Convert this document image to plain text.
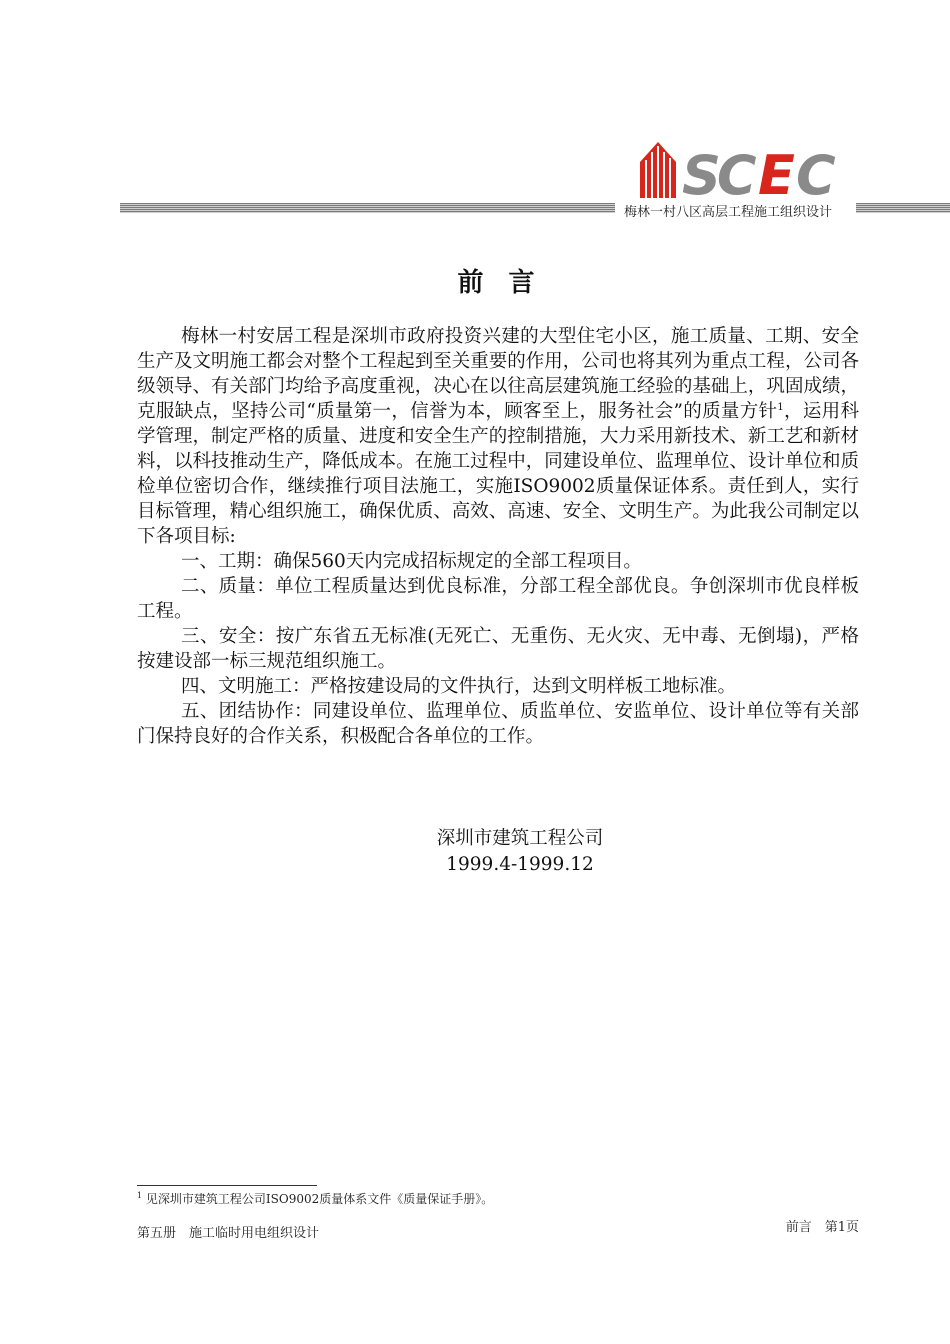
SC E C
梅林一村八区高层工程施工组织设计
前 言

梅林一村安居工程是深圳市政府投资兴建的大型住宅小区，施工质量、工期、安全生产及文明施工都会对整个工程起到至关重要的作用，公司也将其列为重点工程，公司各级领导、有关部门均给予高度重视，决心在以往高层建筑施工经验的基础上，巩固成绩，克服缺点，坚持公司“质量第一，信誉为本，顾客至上，服务社会”的质量方针$^1$，运用科学管理，制定严格的质量、进度和安全生产的控制措施，大力采用新技术、新工艺和新材料，以科技推动生产，降低成本。在施工过程中，同建设单位、监理单位、设计单位和质检单位密切合作，继续推行项目法施工，实施ISO9002质量保证体系。责任到人，实行目标管理，精心组织施工，确保优质、高效、高速、安全、文明生产。为此我公司制定以下各项目标:

一、工期：确保560天内完成招标规定的全部工程项目。

二、质量：单位工程质量达到优良标准，分部工程全部优良。争创深圳市优良样板工程。

三、安全：按广东省五无标准(无死亡、无重伤、无火灾、无中毒、无倒塌)，严格按建设部一标三规范组织施工。

四、文明施工：严格按建设局的文件执行，达到文明样板工地标准。

五、团结协作：同建设单位、监理单位、质监单位、安监单位、设计单位等有关部门保持良好的合作关系，积极配合各单位的工作。

深圳市建筑工程公司
1999.4-1999.12
$^1$ 见深圳市建筑工程公司ISO9002质量体系文件《质量保证手册》。
第五册　施工临时用电组织设计	前言　第1页
